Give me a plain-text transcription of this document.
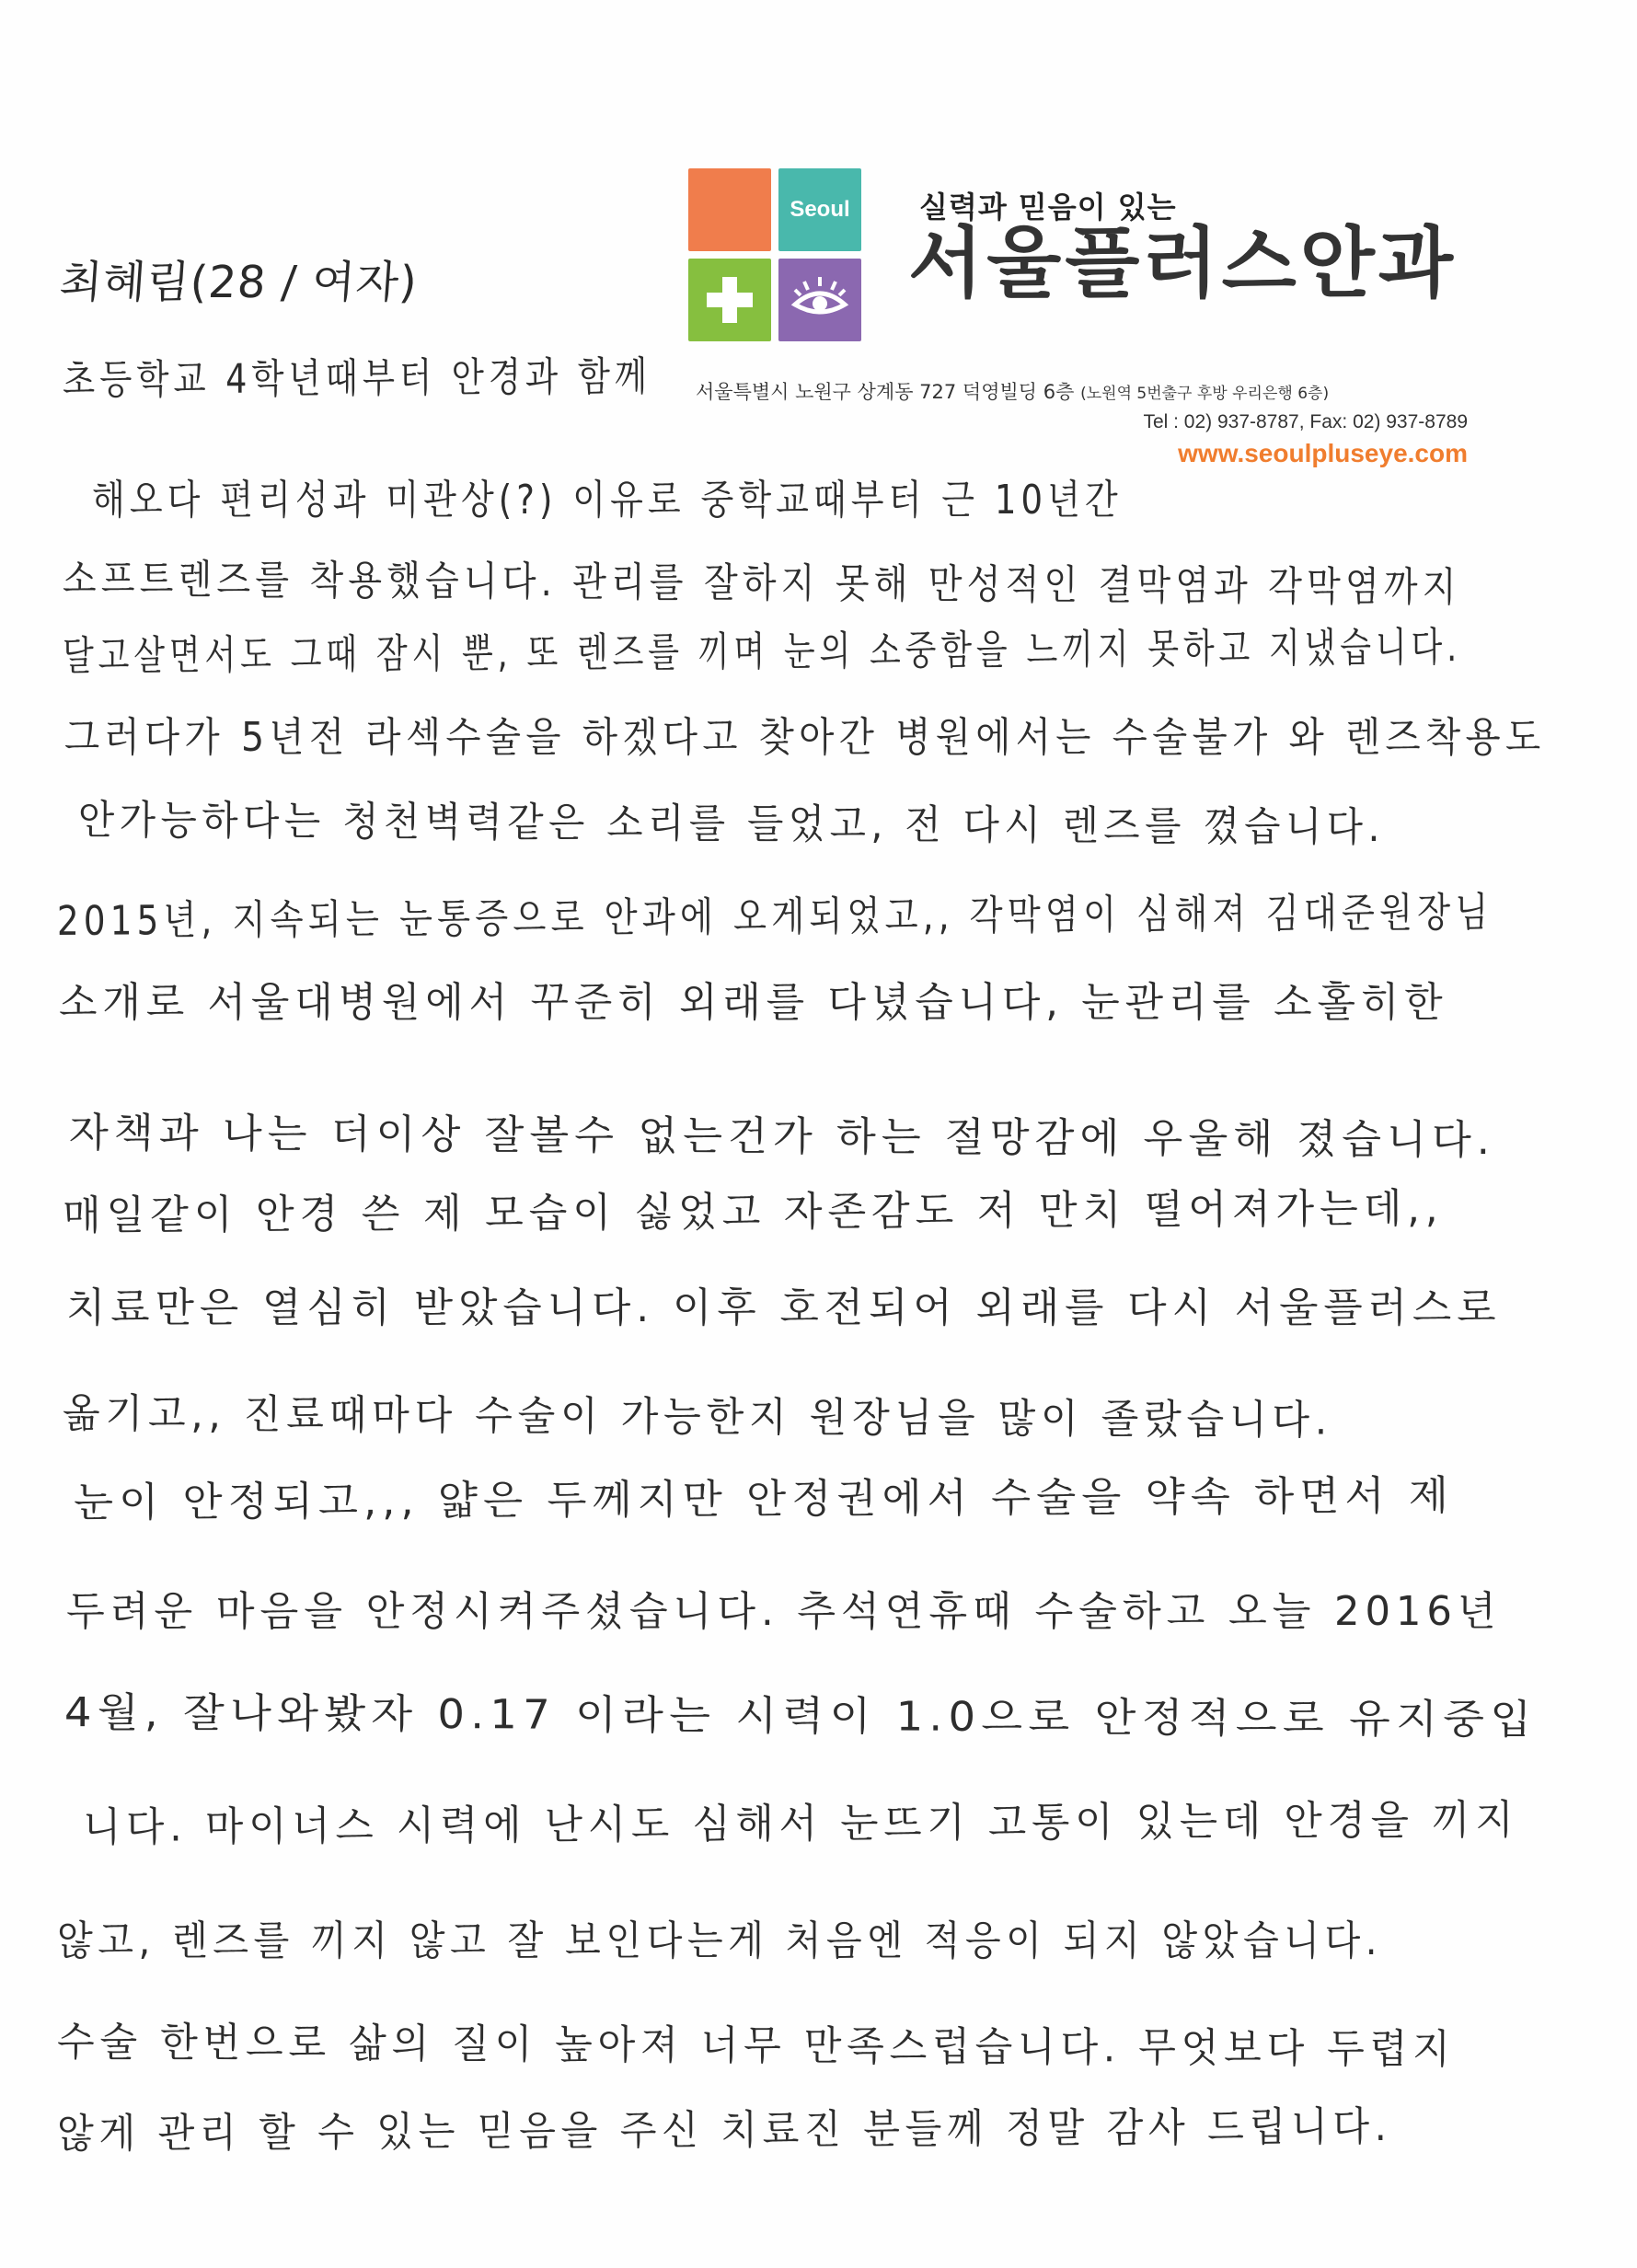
Seoul 실력과 믿음이 있는
서울플러스안과
서울특별시 노원구 상계동 727 덕영빌딩 6층 (노원역 5번출구 후방 우리은행 6층)
Tel : 02) 937-8787, Fax: 02) 937-8789
www.seoulpluseye.com
최혜림(28 / 여자)
초등학교 4학년때부터 안경과 함께
해오다 편리성과 미관상(?) 이유로 중학교때부터 근 10년간
소프트렌즈를 착용했습니다. 관리를 잘하지 못해 만성적인 결막염과 각막염까지
달고살면서도 그때 잠시 뿐, 또 렌즈를 끼며 눈의 소중함을 느끼지 못하고 지냈습니다.
그러다가 5년전 라섹수술을 하겠다고 찾아간 병원에서는 수술불가 와 렌즈착용도
안가능하다는 청천벽력같은 소리를 들었고, 전 다시 렌즈를 꼈습니다.
2015년, 지속되는 눈통증으로 안과에 오게되었고,, 각막염이 심해져 김대준원장님
소개로 서울대병원에서 꾸준히 외래를 다녔습니다, 눈관리를 소홀히한
자책과 나는 더이상 잘볼수 없는건가 하는 절망감에 우울해 졌습니다.
매일같이 안경 쓴 제 모습이 싫었고 자존감도 저 만치 떨어져가는데,,
치료만은 열심히 받았습니다. 이후 호전되어 외래를 다시 서울플러스로
옮기고,, 진료때마다 수술이 가능한지 원장님을 많이 졸랐습니다.
눈이 안정되고,,, 얇은 두께지만 안정권에서 수술을 약속 하면서 제
두려운 마음을 안정시켜주셨습니다. 추석연휴때 수술하고 오늘 2016년
4월, 잘나와봤자 0.17 이라는 시력이 1.0으로 안정적으로 유지중입
니다. 마이너스 시력에 난시도 심해서 눈뜨기 고통이 있는데 안경을 끼지
않고, 렌즈를 끼지 않고 잘 보인다는게 처음엔 적응이 되지 않았습니다.
수술 한번으로 삶의 질이 높아져 너무 만족스럽습니다. 무엇보다 두렵지
않게 관리 할 수 있는 믿음을 주신 치료진 분들께 정말 감사 드립니다.
